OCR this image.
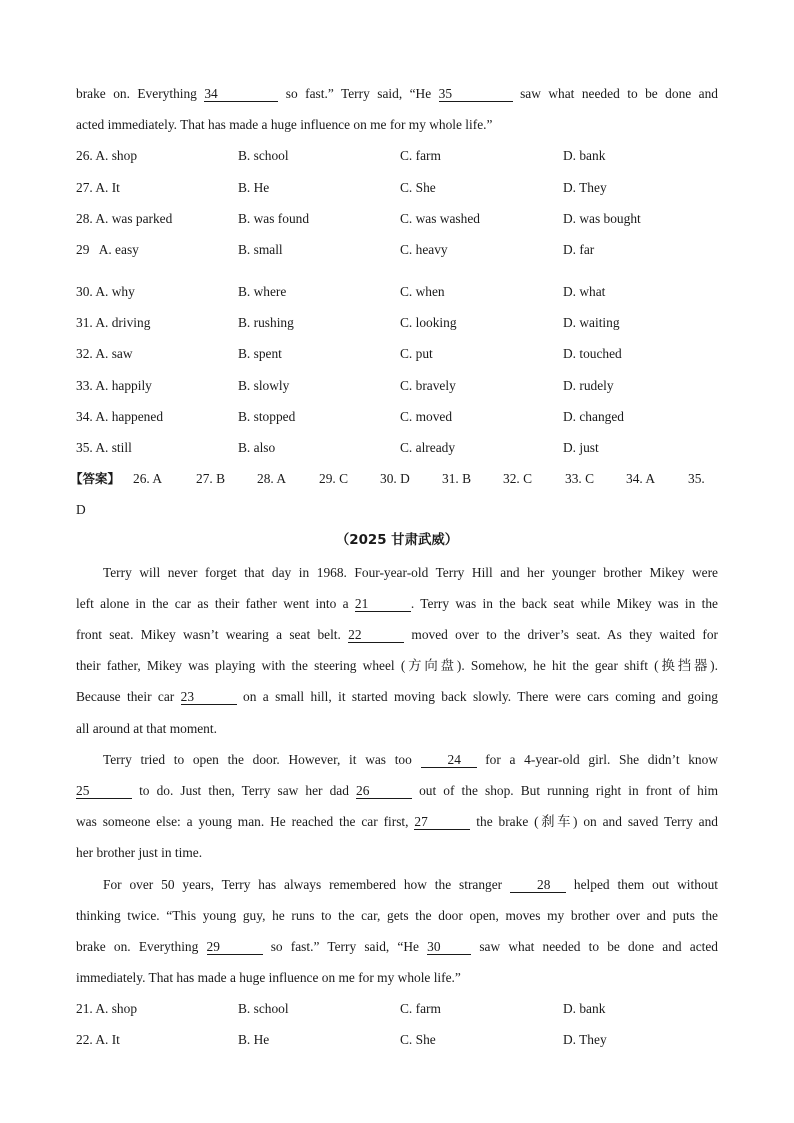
brake on. Everything 34	so fast.” Terry said, “He 35	saw what needed to be done and
acted immediately. That has made a huge influence on me for my whole life.”
26. A. shop	B. school	C. farm	D. bank
27. A. It	B. He	C. She	D. They
28. A. was parked	B. was found	C. was washed	D. was bought
29   A. easy	B. small	C. heavy	D. far
30. A. why	B. where	C. when	D. what
31. A. driving	B. rushing	C. looking	D. waiting
32. A. saw	B. spent	C. put	D. touched
33. A. happily	B. slowly	C. bravely	D. rudely
34. A. happened	B. stopped	C. moved	D. changed
35. A. still	B. also	C. already	D. just
【答案】 26. A	27. B 28. A 29. C 30. D 31. B 32. C 33. C 34. A 35.
D
（2025 甘肃武威）
Terry will never forget that day in 1968. Four-year-old Terry Hill and her younger brother Mikey were
left alone in the car as their father went into a 21	. Terry was in the back seat while Mikey was in the
front seat. Mikey wasn’t wearing a seat belt. 22	moved over to the driver’s seat. As they waited for
their father, Mikey was playing with the steering wheel (方向盘). Somehow, he hit the gear shift (换挡器).
Because their car 23	on a small hill, it started moving back slowly. There were cars coming and going
all around at that moment.
Terry tried to open the door. However, it was too 24 for a 4-year-old girl. She didn’t know
25	to do. Just then, Terry saw her dad 26	out of the shop. But running right in front of him
was someone else: a young man. He reached the car first, 27	the brake (刹车) on and saved Terry and
her brother just in time.
For over 50 years, Terry has always remembered how the stranger 28 helped them out without
thinking twice. “This young guy, he runs to the car, gets the door open, moves my brother over and puts the
brake on. Everything 29	so fast.” Terry said, “He 30 saw what needed to be done and acted
immediately. That has made a huge influence on me for my whole life.”
21. A. shop	B. school	C. farm	D. bank
22. A. It	B. He	C. She	D. They
